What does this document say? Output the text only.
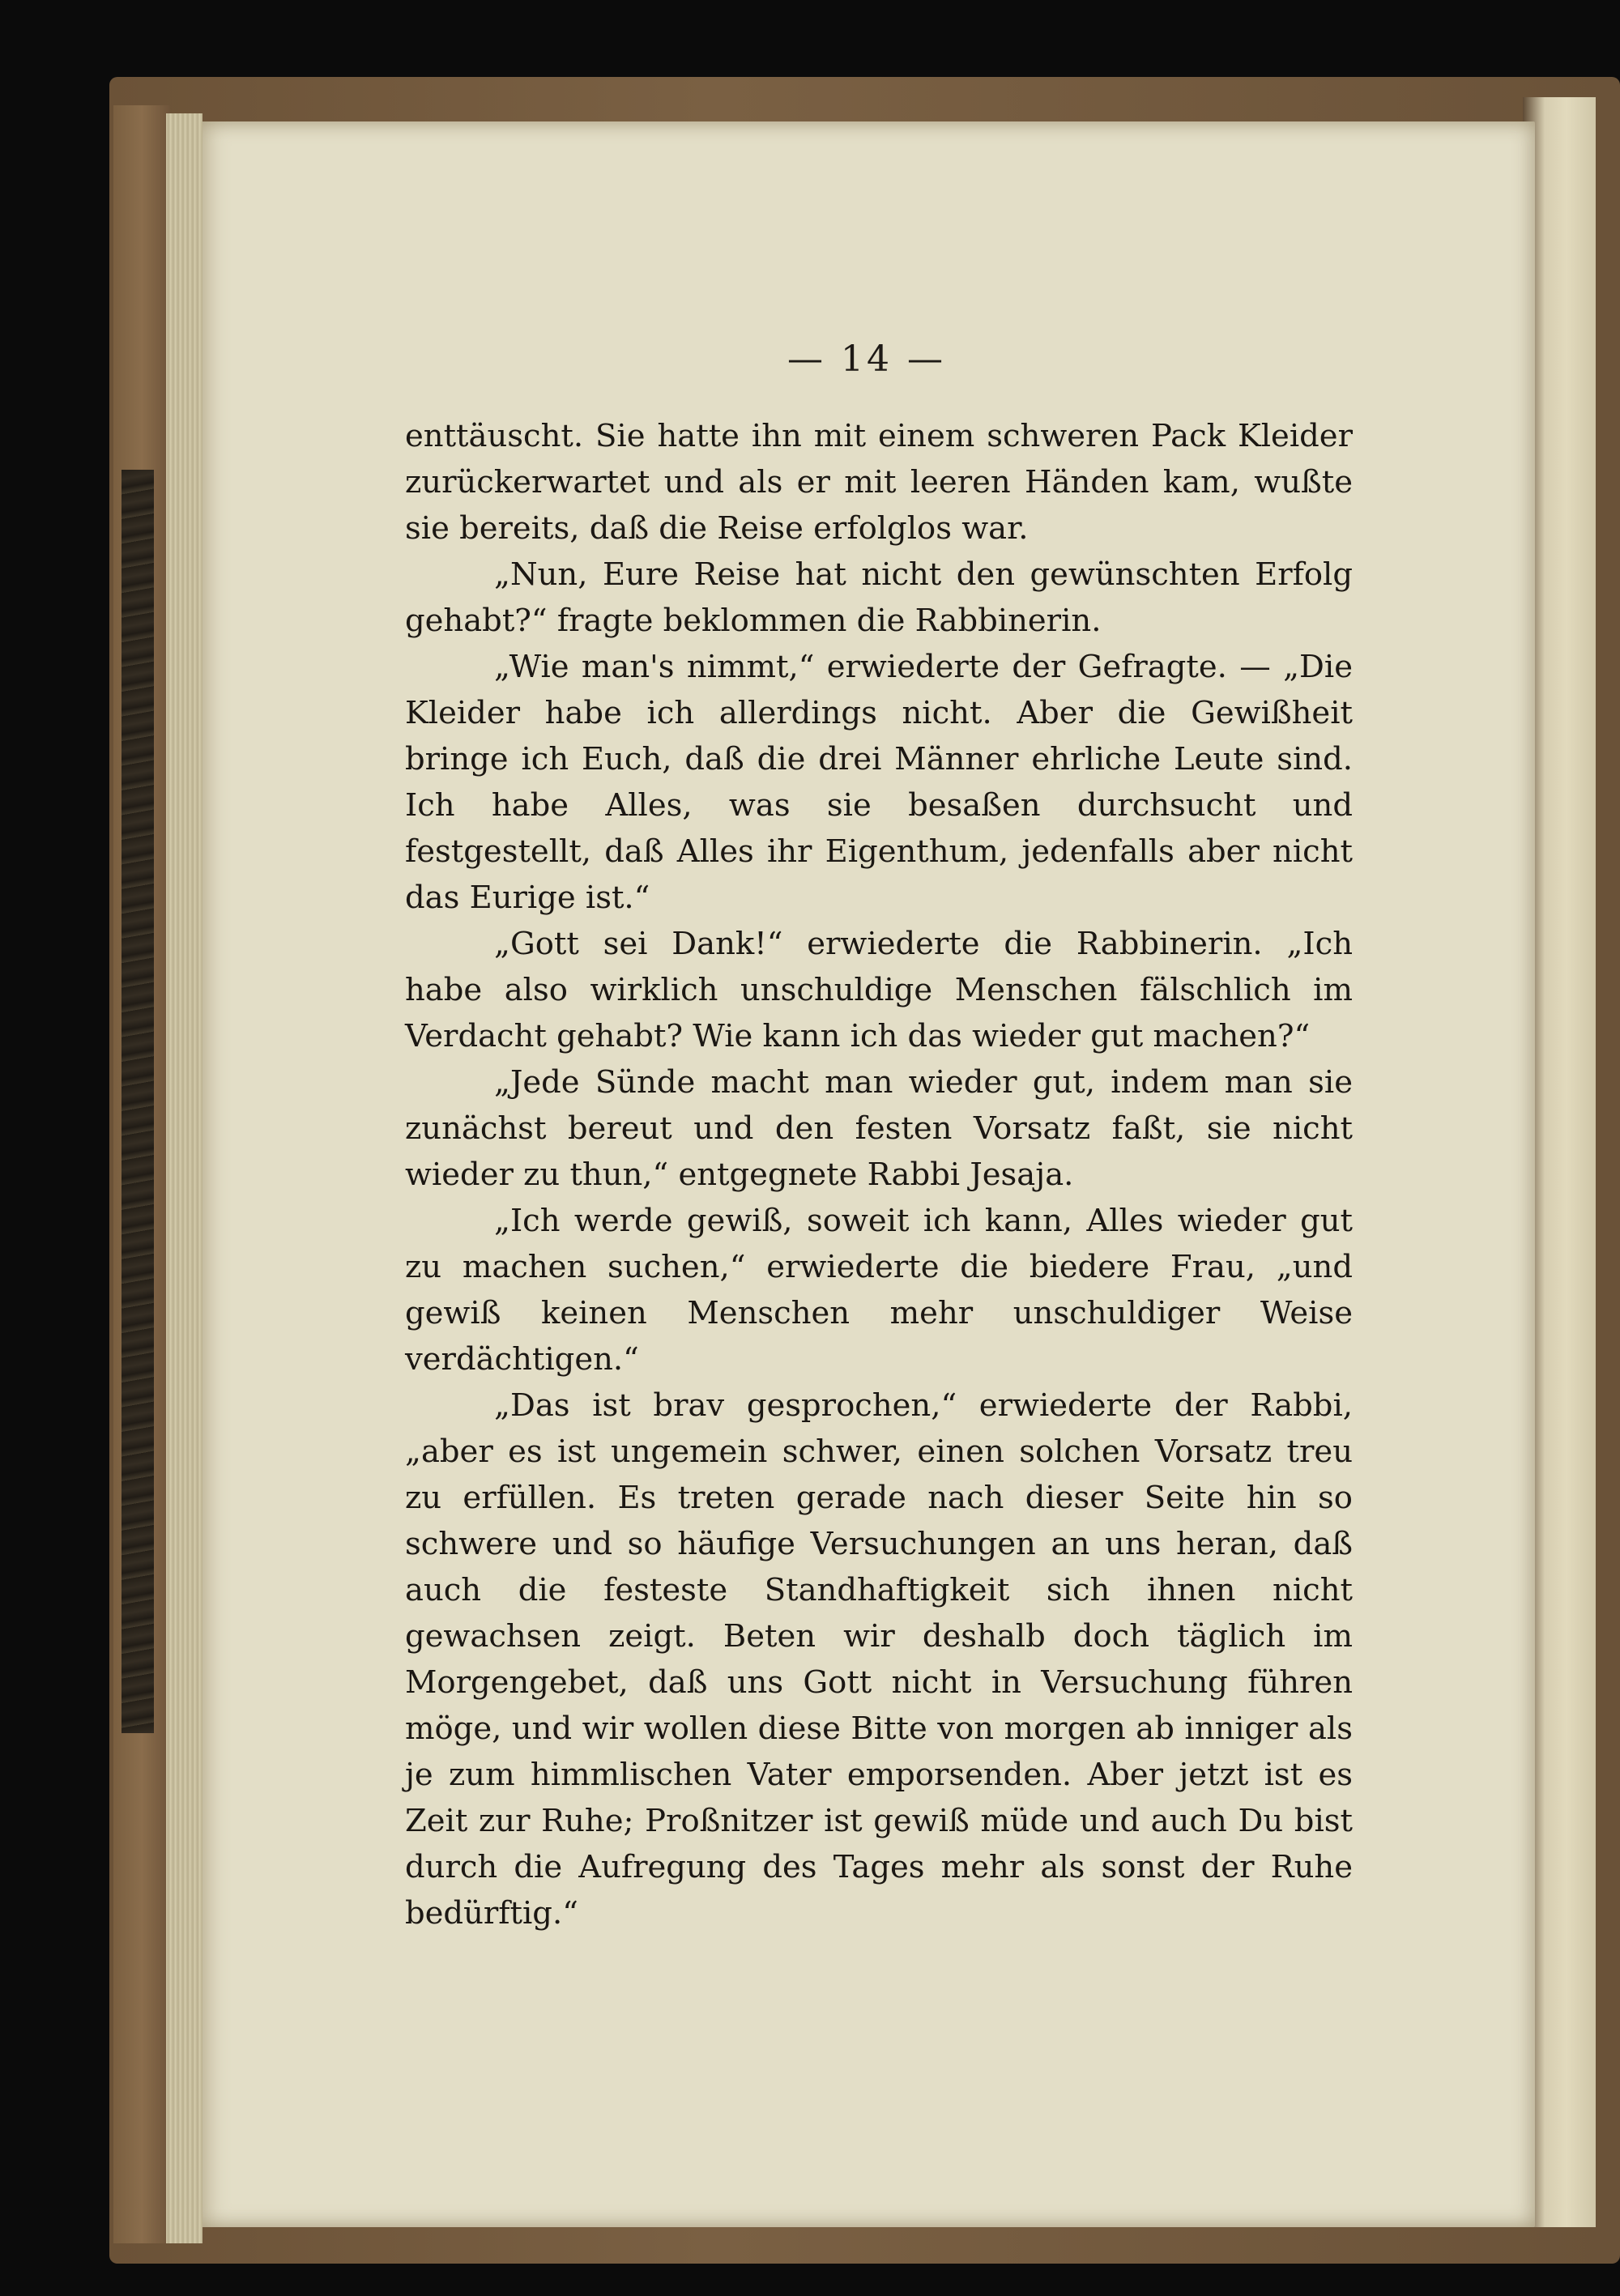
— 14 —

enttäuscht. Sie hatte ihn mit einem schweren Pack Kleider zurückerwartet und als er mit leeren Händen kam, wußte sie bereits, daß die Reise erfolglos war.

„Nun, Eure Reise hat nicht den gewünschten Erfolg gehabt?“ fragte beklommen die Rabbinerin.

„Wie man's nimmt,“ erwiederte der Gefragte. — „Die Kleider habe ich allerdings nicht. Aber die Gewißheit bringe ich Euch, daß die drei Männer ehrliche Leute sind. Ich habe Alles, was sie besaßen durchsucht und festgestellt, daß Alles ihr Eigenthum, jedenfalls aber nicht das Eurige ist.“

„Gott sei Dank!“ erwiederte die Rabbinerin. „Ich habe also wirklich unschuldige Menschen fälschlich im Verdacht gehabt? Wie kann ich das wieder gut machen?“

„Jede Sünde macht man wieder gut, indem man sie zunächst bereut und den festen Vorsatz faßt, sie nicht wieder zu thun,“ entgegnete Rabbi Jesaja.

„Ich werde gewiß, soweit ich kann, Alles wieder gut zu machen suchen,“ erwiederte die biedere Frau, „und gewiß keinen Menschen mehr unschuldiger Weise verdächtigen.“

„Das ist brav gesprochen,“ erwiederte der Rabbi, „aber es ist ungemein schwer, einen solchen Vorsatz treu zu erfüllen. Es treten gerade nach dieser Seite hin so schwere und so häufige Versuchungen an uns heran, daß auch die festeste Standhaftigkeit sich ihnen nicht gewachsen zeigt. Beten wir deshalb doch täglich im Morgengebet, daß uns Gott nicht in Versuchung führen möge, und wir wollen diese Bitte von morgen ab inniger als je zum himmlischen Vater emporsenden. Aber jetzt ist es Zeit zur Ruhe; Proßnitzer ist gewiß müde und auch Du bist durch die Aufregung des Tages mehr als sonst der Ruhe bedürftig.“
